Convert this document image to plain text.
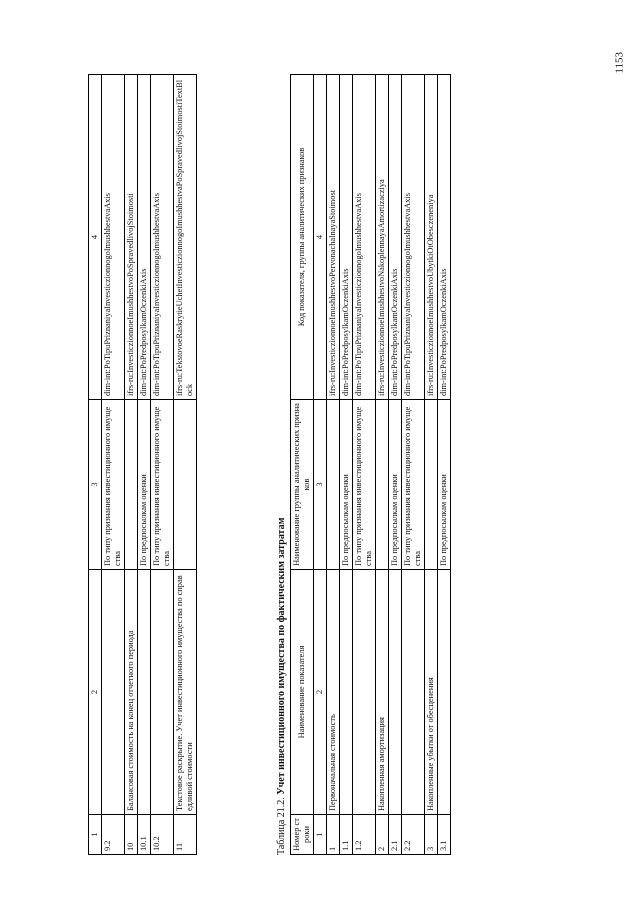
1153
1	2	3	4
9.2		По типу признания инвестиционного имущества	dim-int:PoTipuPriznaniyaInvesticzionnogoImushhestvaAxis
10	Балансовая стоимость на конец отчетного периода		ifrs-ru:InvesticzionnoeImushhestvoPoSpravedlivojStoimosti
10.1		По предпосылкам оценки	dim-int:PoPredposylkamOczenkiAxis
10.2		По типу признания инвестиционного имущества	dim-int:PoTipuPriznaniyaInvesticzionnogoImushhestvaAxis
11	Текстовое раскрытие. Учет инвестиционного имущества по справедливой стоимости		ifrs-ru:TekstovoeRaskrytieUchetInvesticzionnogoImushhestvaPoSpravedlivojStoimostiTextBlock
Таблица 21.2. Учет инвестиционного имущества по фактическим затратам
Номер строки	Наименование показателя	Наименование группы аналитических признаков	Код показателя, группы аналитических признаков
1	2	3	4
1	Первоначальная стоимость		ifrs-ru:InvesticzionnoeImushhestvoPervonachalnayaStoimost
1.1		По предпосылкам оценки	dim-int:PoPredposylkamOczenkiAxis
1.2		По типу признания инвестиционного имущества	dim-int:PoTipuPriznaniyaInvesticzionnogoImushhestvaAxis
2	Накопленная амортизация		ifrs-ru:InvesticzionnoeImushhestvoNakoplennayaAmortizacziya
2.1		По предпосылкам оценки	dim-int:PoPredposylkamOczenkiAxis
2.2		По типу признания инвестиционного имущества	dim-int:PoTipuPriznaniyaInvesticzionnogoImushhestvaAxis
3	Накопленные убытки от обесценения		ifrs-ru:InvesticzionnoeImushhestvoUbytkiOtObesczeneniya
3.1		По предпосылкам оценки	dim-int:PoPredposylkamOczenkiAxis
